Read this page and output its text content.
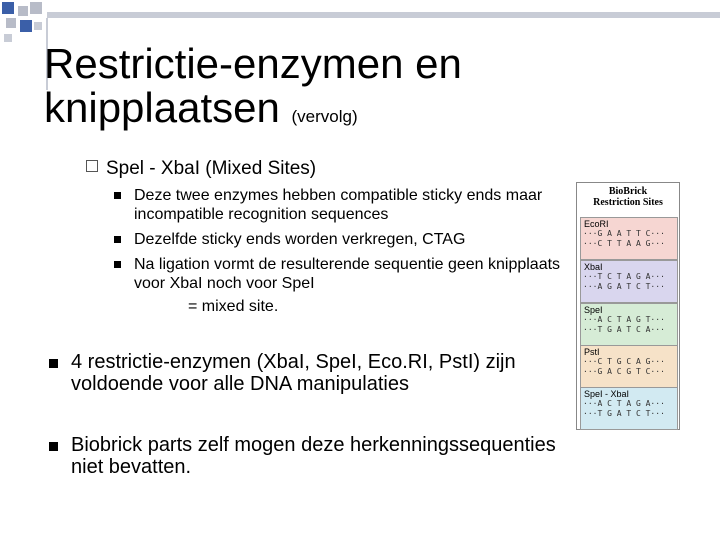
Restrictie-enzymen en
knipplaatsen (vervolg)
Spel - XbaI (Mixed Sites)
Deze twee enzymes hebben compatible sticky ends maar incompatible recognition sequences
Dezelfde sticky ends worden verkregen, CTAG
Na ligation vormt de resulterende sequentie geen knipplaats voor XbaI noch voor SpeI
= mixed site.
4 restrictie-enzymen (XbaI, SpeI, Eco.RI, PstI) zijn voldoende voor alle DNA manipulaties
Biobrick parts zelf mogen deze herkenningssequenties niet bevatten.
BioBrick
Restriction Sites
EcoRI
···G A A T T C···
···C T T A A G···
XbaI
···T C T A G A···
···A G A T C T···
SpeI
···A C T A G T···
···T G A T C A···
PstI
···C T G C A G···
···G A C G T C···
SpeI - XbaI
···A C T A G A···
···T G A T C T···
